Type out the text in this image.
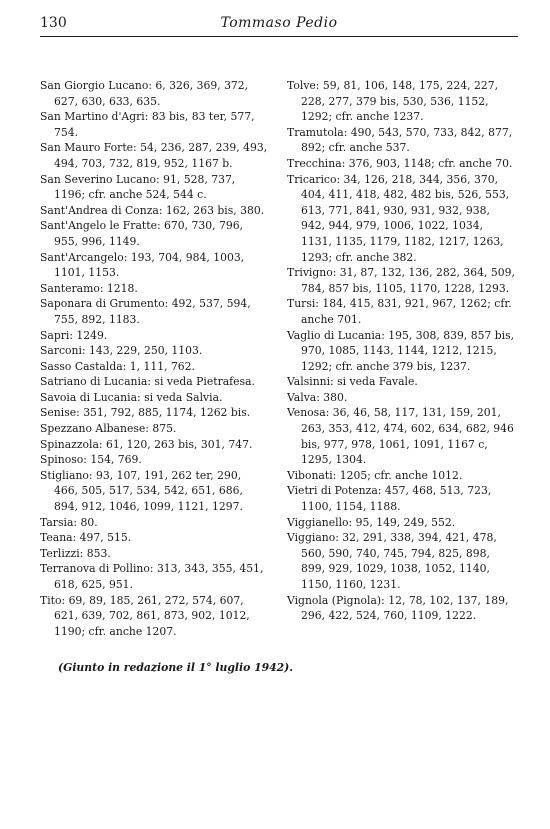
130	Tommaso Pedio
San Giorgio Lucano: 6, 326, 369, 372, 627, 630, 633, 635.
San Martino d'Agri: 83 bis, 83 ter, 577, 754.
San Mauro Forte: 54, 236, 287, 239, 493, 494, 703, 732, 819, 952, 1167 b.
San Severino Lucano: 91, 528, 737, 1196; cfr. anche 524, 544 c.
Sant'Andrea di Conza: 162, 263 bis, 380.
Sant'Angelo le Fratte: 670, 730, 796, 955, 996, 1149.
Sant'Arcangelo: 193, 704, 984, 1003, 1101, 1153.
Santeramo: 1218.
Saponara di Grumento: 492, 537, 594, 755, 892, 1183.
Sapri: 1249.
Sarconi: 143, 229, 250, 1103.
Sasso Castalda: 1, 111, 762.
Satriano di Lucania: si veda Pietrafesa.
Savoia di Lucania: si veda Salvia.
Senise: 351, 792, 885, 1174, 1262 bis.
Spezzano Albanese: 875.
Spinazzola: 61, 120, 263 bis, 301, 747.
Spinoso: 154, 769.
Stigliano: 93, 107, 191, 262 ter, 290, 466, 505, 517, 534, 542, 651, 686, 894, 912, 1046, 1099, 1121, 1297.
Tarsia: 80.
Teana: 497, 515.
Terlizzi: 853.
Terranova di Pollino: 313, 343, 355, 451, 618, 625, 951.
Tito: 69, 89, 185, 261, 272, 574, 607, 621, 639, 702, 861, 873, 902, 1012, 1190; cfr. anche 1207.
Tolve: 59, 81, 106, 148, 175, 224, 227, 228, 277, 379 bis, 530, 536, 1152, 1292; cfr. anche 1237.
Tramutola: 490, 543, 570, 733, 842, 877, 892; cfr. anche 537.
Trecchina: 376, 903, 1148; cfr. anche 70.
Tricarico: 34, 126, 218, 344, 356, 370, 404, 411, 418, 482, 482 bis, 526, 553, 613, 771, 841, 930, 931, 932, 938, 942, 944, 979, 1006, 1022, 1034, 1131, 1135, 1179, 1182, 1217, 1263, 1293; cfr. anche 382.
Trivigno: 31, 87, 132, 136, 282, 364, 509, 784, 857 bis, 1105, 1170, 1228, 1293.
Tursi: 184, 415, 831, 921, 967, 1262; cfr. anche 701.
Vaglio di Lucania: 195, 308, 839, 857 bis, 970, 1085, 1143, 1144, 1212, 1215, 1292; cfr. anche 379 bis, 1237.
Valsinni: si veda Favale.
Valva: 380.
Venosa: 36, 46, 58, 117, 131, 159, 201, 263, 353, 412, 474, 602, 634, 682, 946 bis, 977, 978, 1061, 1091, 1167 c, 1295, 1304.
Vibonati: 1205; cfr. anche 1012.
Vietri di Potenza: 457, 468, 513, 723, 1100, 1154, 1188.
Viggianello: 95, 149, 249, 552.
Viggiano: 32, 291, 338, 394, 421, 478, 560, 590, 740, 745, 794, 825, 898, 899, 929, 1029, 1038, 1052, 1140, 1150, 1160, 1231.
Vignola (Pignola): 12, 78, 102, 137, 189, 296, 422, 524, 760, 1109, 1222.
(Giunto in redazione il 1° luglio 1942).
